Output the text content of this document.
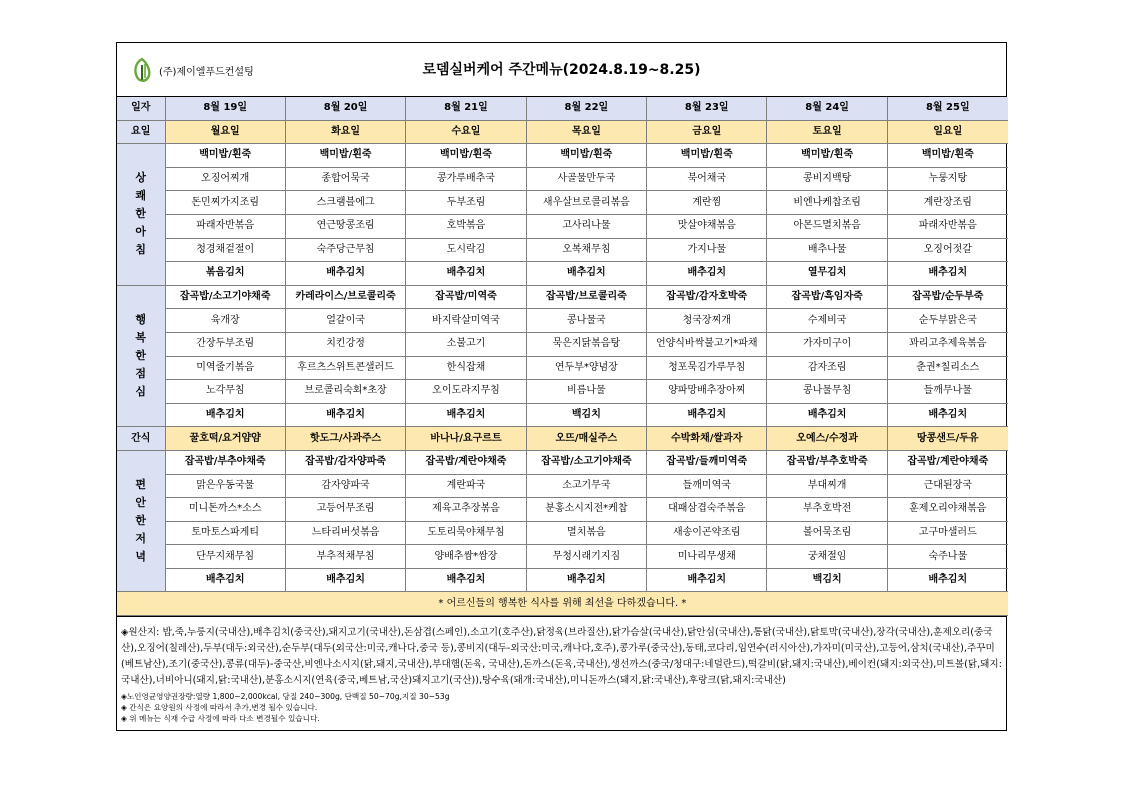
(주)제이엘푸드컨설팅	로뎀실버케어 주간메뉴(2024.8.19~8.25)
일자	8월 19일	8월 20일	8월 21일	8월 22일	8월 23일	8월 24일	8월 25일
요일	월요일	화요일	수요일	목요일	금요일	토요일	일요일
상
쾌
한
아
침	백미밥/흰죽	백미밥/흰죽	백미밥/흰죽	백미밥/흰죽	백미밥/흰죽	백미밥/흰죽	백미밥/흰죽
	오징어찌개	종합어묵국	콩가루배추국	사골물만두국	북어채국	콩비지백탕	누룽지탕
	돈민찌가지조림	스크램블에그	두부조림	새우살브로콜리볶음	계란찜	비엔나케찹조림	계란장조림
	파래자반볶음	연근땅콩조림	호박볶음	고사리나물	맛살야채볶음	아몬드멸치볶음	파래자반볶음
	청경채겉절이	숙주당근무침	도시락김	오복채무침	가지나물	배추나물	오징어젓갈
	볶음김치	배추김치	배추김치	배추김치	배추김치	열무김치	배추김치
행
복
한
점
심	잡곡밥/소고기야채죽	카레라이스/브로콜리죽	잡곡밥/미역죽	잡곡밥/브로콜리죽	잡곡밥/감자호박죽	잡곡밥/흑임자죽	잡곡밥/순두부죽
	육개장	얼갈이국	바지락살미역국	콩나물국	청국장찌개	수제비국	순두부맑은국
	간장두부조림	치킨강정	소불고기	묵은지닭볶음탕	언양식바싹불고기*파채	가자미구이	꽈리고추제육볶음
	미역줄기볶음	후르츠스위트콘샐러드	한식잡채	연두부*양념장	청포묵김가루무침	감자조림	춘권*칠리소스
	노각무침	브로콜리숙회*초장	오이도라지무침	비름나물	양파망배추장아찌	콩나물무침	들깨무나물
	배추김치	배추김치	배추김치	백김치	배추김치	배추김치	배추김치
간식	꿀호떡/요거얌얌	핫도그/사과주스	바나나/요구르트	오뜨/매실주스	수박화채/쌀과자	오예스/수정과	땅콩샌드/두유
편
안
한
저
녁	잡곡밥/부추야채죽	잡곡밥/감자양파죽	잡곡밥/계란야채죽	잡곡밥/소고기야채죽	잡곡밥/들깨미역죽	잡곡밥/부추호박죽	잡곡밥/계란야채죽
	맑은우동국물	감자양파국	계란파국	소고기무국	들깨미역국	부대찌개	근대된장국
	미니돈까스*소스	고등어무조림	제육고추장볶음	분홍소시지전*케찹	대패삼겹숙주볶음	부추호박전	훈제오리야채볶음
	토마토스파게티	느타리버섯볶음	도토리묵야채무침	멸치볶음	새송이곤약조림	볼어묵조림	고구마샐러드
	단무지채무침	부추적채무침	양배추쌈*쌈장	무청시래기지짐	미나리무생채	궁채절임	숙주나물
	배추김치	배추김치	배추김치	배추김치	배추김치	백김치	배추김치
* 어르신들의 행복한 식사를 위해 최선을 다하겠습니다. *							
◈원산지: 밥,죽,누룽지(국내산),배추김치(중국산),돼지고기(국내산),돈삼겹(스페인),소고기(호주산),닭정육(브라질산),닭가슴살(국내산),닭안심(국내산),통닭(국내산),닭토막(국내산),장각(국내산),훈제오리(중국산),오징어(칠레산),두부(대두:외국산),순두부(대두(외국산:미국,캐나다,중국 등),콩비지(대두-외국산:미국,캐나다,호주),콩가루(중국산),동태,코다리,임연수(러시아산),가자미(미국산),고등어,삼치(국내산),주꾸미(베트남산),조기(중국산),콩류(대두)-중국산,비엔나소시지(닭,돼지,국내산),부대햄(돈육, 국내산),돈까스(돈육,국내산),생선까스(중국/청대구:네덜란드),떡갈비(닭,돼지:국내산),베이컨(돼지:외국산),미트볼(닭,돼지:국내산),너비아니(돼지,닭:국내산),분홍소시지(연육(중국,베트남,국산)돼지고기(국산)),탕수육(돼개:국내산),미니돈까스(돼지,닭:국내산),후랑크(닭,돼지:국내산)
◈노인영균영양권장량:열량 1,800~2,000kcal, 당질 240~300g, 단백질 50~70g,지질 30~53g
◈ 간식은 요양원의 사정에 따라서 추가,변경 될수 있습니다.
◈ 위 메뉴는 식재 수급 사정에 따라 다소 변경될수 있습니다.
